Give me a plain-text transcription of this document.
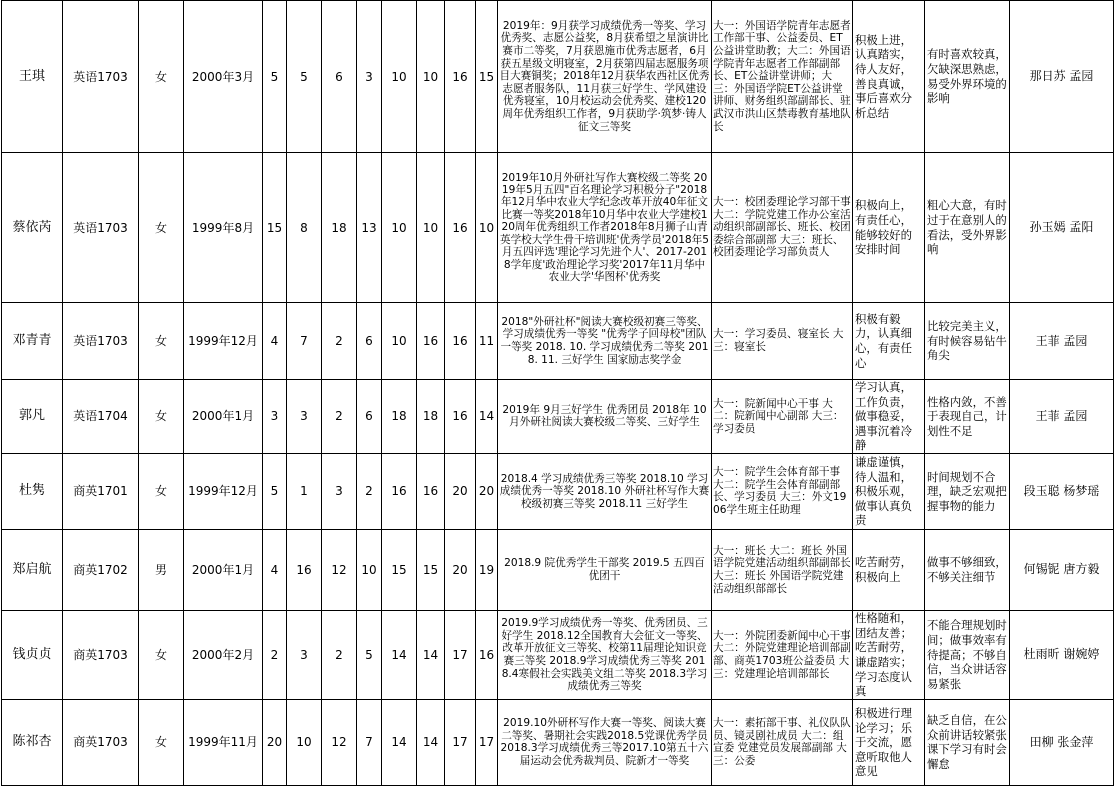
王琪	英语1703	女	2000年3月	5	5	6	3	10	10	16	15	2019年：9月获学习成绩优秀一等奖、学习优秀奖、志愿公益奖，8月获希望之星演讲比赛市二等奖，7月获恩施市优秀志愿者，6月获五星级文明寝室，2月获第四届志愿服务项目大赛铜奖；2018年12月获华农西社区优秀志愿者服务队，11月获三好学生、学风建设优秀寝室，10月校运动会优秀奖、建校120周年优秀组织工作者，9月获助学·筑梦·铸人征文三等奖	大一：外国语学院青年志愿者工作部干事、公益委员、ET公益讲堂助教；大二：外国语学院青年志愿者工作部副部长、ET公益讲堂讲师；大三：外国语学院ET公益讲堂讲师、财务组织部副部长、驻武汉市洪山区禁毒教育基地队长	积极上进，认真踏实，待人友好，善良真诚，事后喜欢分析总结	有时喜欢较真，欠缺深思熟虑，易受外界环境的影响	那日苏 孟园
蔡依芮	英语1703	女	1999年8月	15	8	18	13	10	10	16	10	2019年10月外研社写作大赛校级二等奖 2019年5月五四"百名理论学习积极分子"2018年12月华中农业大学纪念改革开放40年征文比赛一等奖2018年10月华中农业大学建校120周年优秀组织工作者2018年8月狮子山青英学校大学生骨干培训班'优秀学员'2018年5月五四评选'理论学习先进个人'、2017-2018学年度'政治理论学习奖'2017年11月华中农业大学'华图杯'优秀奖	大一：校团委理论学习部干事 大二：学院党建工作办公室活动组织部副部长、班长、校团委综合部副部 大三：班长、校团委理论学习部负责人	积极向上，有责任心，能够较好的安排时间	粗心大意，有时过于在意别人的看法，受外界影响	孙玉嫣 孟阳
邓青青	英语1703	女	1999年12月	4	7	2	6	10	16	16	11	2018"外研社杯"阅读大赛校级初赛三等奖、学习成绩优秀一等奖 "优秀学子回母校"团队一等奖 2018. 10. 学习成绩优秀二等奖 2018. 11. 三好学生 国家励志奖学金	大一：学习委员、寝室长 大三：寝室长	积极有毅力，认真细心，有责任心	比较完美主义，有时候容易钻牛角尖	王菲 孟园
郭凡	英语1704	女	2000年1月	3	3	2	6	18	18	16	14	2019年 9月三好学生 优秀团员 2018年 10月外研社阅读大赛校级二等奖、三好学生	大一：院新闻中心干事 大二：院新闻中心副部 大三：学习委员	学习认真，工作负责，做事稳妥，遇事沉着冷静	性格内敛，不善于表现自己，计划性不足	王菲 孟园
杜隽	商英1701	女	1999年12月	5	1	3	2	16	16	20	20	2018.4 学习成绩优秀三等奖 2018.10 学习成绩优秀一等奖 2018.10 外研社杯写作大赛校级初赛三等奖 2018.11 三好学生	大一：院学生会体育部干事 大二：院学生会体育部副部长、学习委员 大三：外文1906学生班主任助理	谦虚谨慎，待人温和，积极乐观，做事认真负责	时间规划不合理，缺乏宏观把握事物的能力	段玉聪 杨梦瑶
郑启航	商英1702	男	2000年1月	4	16	12	10	15	15	20	19	2018.9 院优秀学生干部奖 2019.5 五四百优团干	大一：班长 大二：班长 外国语学院党建活动组织部副部长 大三：班长 外国语学院党建活动组织部部长	吃苦耐劳，积极向上	做事不够细致，不够关注细节	何锡铌 唐方毅
钱贞贞	商英1703	女	2000年2月	2	3	2	5	14	14	17	16	2019.9学习成绩优秀一等奖、优秀团员、三好学生 2018.12全国教育大会征文一等奖、改革开放征文三等奖、校第11届理论知识竞赛三等奖 2018.9学习成绩优秀三等奖 2018.4寒假社会实践美文组二等奖 2018.3学习成绩优秀三等奖	大一：外院团委新闻中心干事 大二：外院党建理论培训部副部、商英1703班公益委员 大三：党建理论培训部部长	性格随和，团结友善；吃苦耐劳，谦虚踏实；学习态度认真	不能合理规划时间；做事效率有待提高；不够自信，当众讲话容易紧张	杜雨昕 谢婉婷
陈祁杏	商英1703	女	1999年11月	20	10	12	7	14	14	17	17	2019.10外研杯写作大赛一等奖、阅读大赛二等奖、暑期社会实践2018.5党课优秀学员 2018.3学习成绩优秀三等2017.10第五十六届运动会优秀裁判员、院新才一等奖	大一：素拓部干事、礼仪队队员、镜灵剧社成员 大二：组宣委 党建党员发展部副部 大三：公委	积极进行理论学习；乐于交流，愿意听取他人意见	缺乏自信，在公众前讲话较紧张课下学习有时会懈怠	田柳 张金萍
